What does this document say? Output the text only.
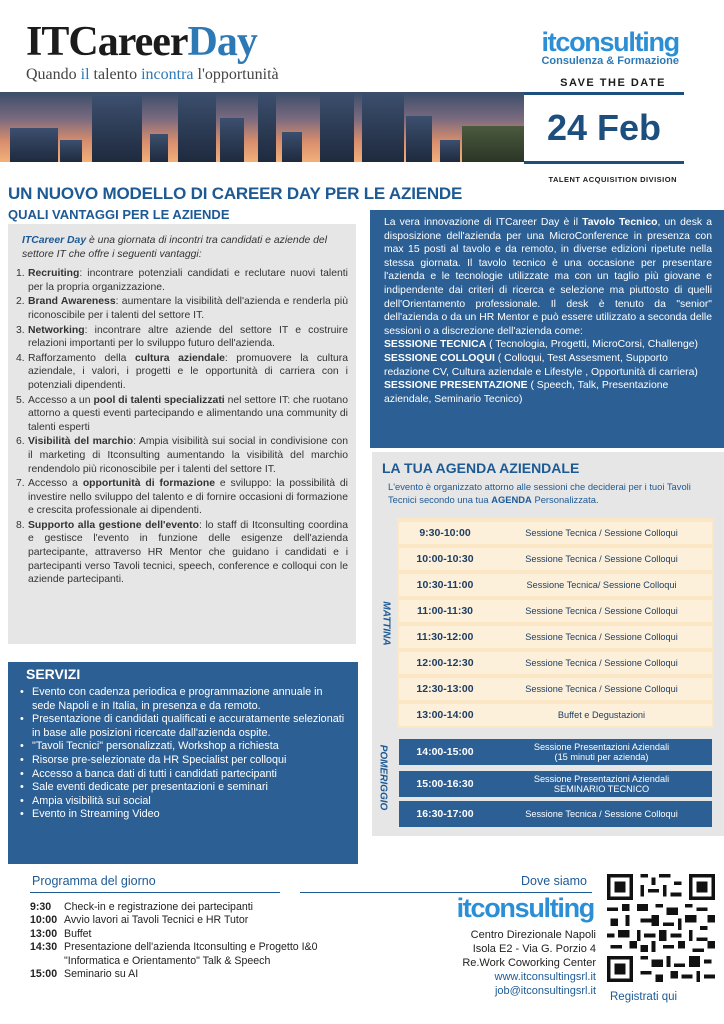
ITCareerDay
Quando il talento incontra l'opportunità
itconsulting
Consulenza & Formazione
SAVE THE DATE
24 Feb
TALENT ACQUISITION DIVISION
UN NUOVO MODELLO DI CAREER DAY PER LE AZIENDE
QUALI VANTAGGI PER LE AZIENDE
ITCareer Day è una giornata di incontri tra candidati e aziende del settore IT che offre i seguenti vantaggi:
1. Recruiting: incontrare potenziali candidati e reclutare nuovi talenti per la propria organizzazione.
2. Brand Awareness: aumentare la visibilità dell'azienda e renderla più riconoscibile per i talenti del settore IT.
3. Networking: incontrare altre aziende del settore IT e costruire relazioni importanti per lo sviluppo futuro dell'azienda.
4. Rafforzamento della cultura aziendale: promuovere la cultura aziendale, i valori, i progetti e le opportunità di carriera con i potenziali dipendenti.
5. Accesso a un pool di talenti specializzati nel settore IT: che ruotano attorno a questi eventi partecipando e alimentando una community di talenti esperti
6. Visibilità del marchio: Ampia visibilità sui social in condivisione con il marketing di Itconsulting aumentando la visibilità del marchio rendendolo più riconoscibile per i talenti del settore IT.
7. Accesso a opportunità di formazione e sviluppo: la possibilità di investire nello sviluppo del talento e di fornire occasioni di formazione e crescita professionale ai dipendenti.
8. Supporto alla gestione dell'evento: lo staff di Itconsulting coordina e gestisce l'evento in funzione delle esigenze dell'azienda partecipante, attraverso HR Mentor che guidano i candidati e i partecipanti verso Tavoli tecnici, speech, conference e colloqui con le aziende partecipanti.

La vera innovazione di ITCareer Day è il Tavolo Tecnico, un desk a disposizione dell'azienda per una MicroConference in presenza con max 15 posti al tavolo e da remoto, in diverse edizioni ripetute nella stessa giornata. Il tavolo tecnico è una occasione per presentare l'azienda e le tecnologie utilizzate ma con un taglio più giovane e indipendente dai criteri di ricerca e selezione ma piuttosto di quelli dell'Orientamento professionale. Il desk è tenuto da "senior" dell'azienda o da un HR Mentor e può essere utilizzato a seconda delle sessioni o a discrezione dell'azienda come:

SESSIONE TECNICA ( Tecnologia, Progetti, MicroCorsi, Challenge)

SESSIONE COLLOQUI ( Colloqui, Test Assesment, Supporto redazione CV, Cultura aziendale e Lifestyle , Opportunità di carriera)

SESSIONE PRESENTAZIONE ( Speech, Talk, Presentazione aziendale, Seminario Tecnico)

LA TUA AGENDA AZIENDALE
L'evento è organizzato attorno alle sessioni che deciderai per i tuoi Tavoli Tecnici secondo una tua AGENDA Personalizzata.
MATTINA
POMERIGGIO
9:30-10:00	Sessione Tecnica / Sessione Colloqui
10:00-10:30	Sessione Tecnica / Sessione Colloqui
10:30-11:00	Sessione Tecnica/ Sessione Colloqui
11:00-11:30	Sessione Tecnica / Sessione Colloqui
11:30-12:00	Sessione Tecnica / Sessione Colloqui
12:00-12:30	Sessione Tecnica / Sessione Colloqui
12:30-13:00	Sessione Tecnica / Sessione Colloqui
13:00-14:00	Buffet e Degustazioni
14:00-15:00	Sessione Presentazioni Aziendali
(15 minuti per azienda)
15:00-16:30	Sessione Presentazioni Aziendali
SEMINARIO TECNICO
16:30-17:00	Sessione Tecnica / Sessione Colloqui
SERVIZI
• Evento con cadenza periodica e programmazione annuale in sede Napoli e in Italia, in presenza e da remoto.
• Presentazione di candidati qualificati e accuratamente selezionati in base alle posizioni ricercate dall'azienda ospite.
• "Tavoli Tecnici" personalizzati, Workshop a richiesta
• Risorse pre-selezionate da HR Specialist per colloqui
• Accesso a banca dati di tutti i candidati partecipanti
• Sale eventi dedicate per presentazioni e seminari
• Ampia visibilità sui social
• Evento in Streaming Video
Programma del giorno
9:30	Check-in e registrazione dei partecipanti
10:00 Avvio lavori ai Tavoli Tecnici e HR Tutor
13:00 Buffet
14:30 Presentazione dell'azienda Itconsulting e Progetto I&0 "Informatica e Orientamento" Talk & Speech
15:00 Seminario su AI
Dove siamo
itconsulting
Centro Direzionale Napoli
Isola E2 - Via G. Porzio 4
Re.Work Coworking Center
www.itconsultingsrl.it
job@itconsultingsrl.it Registrati qui
